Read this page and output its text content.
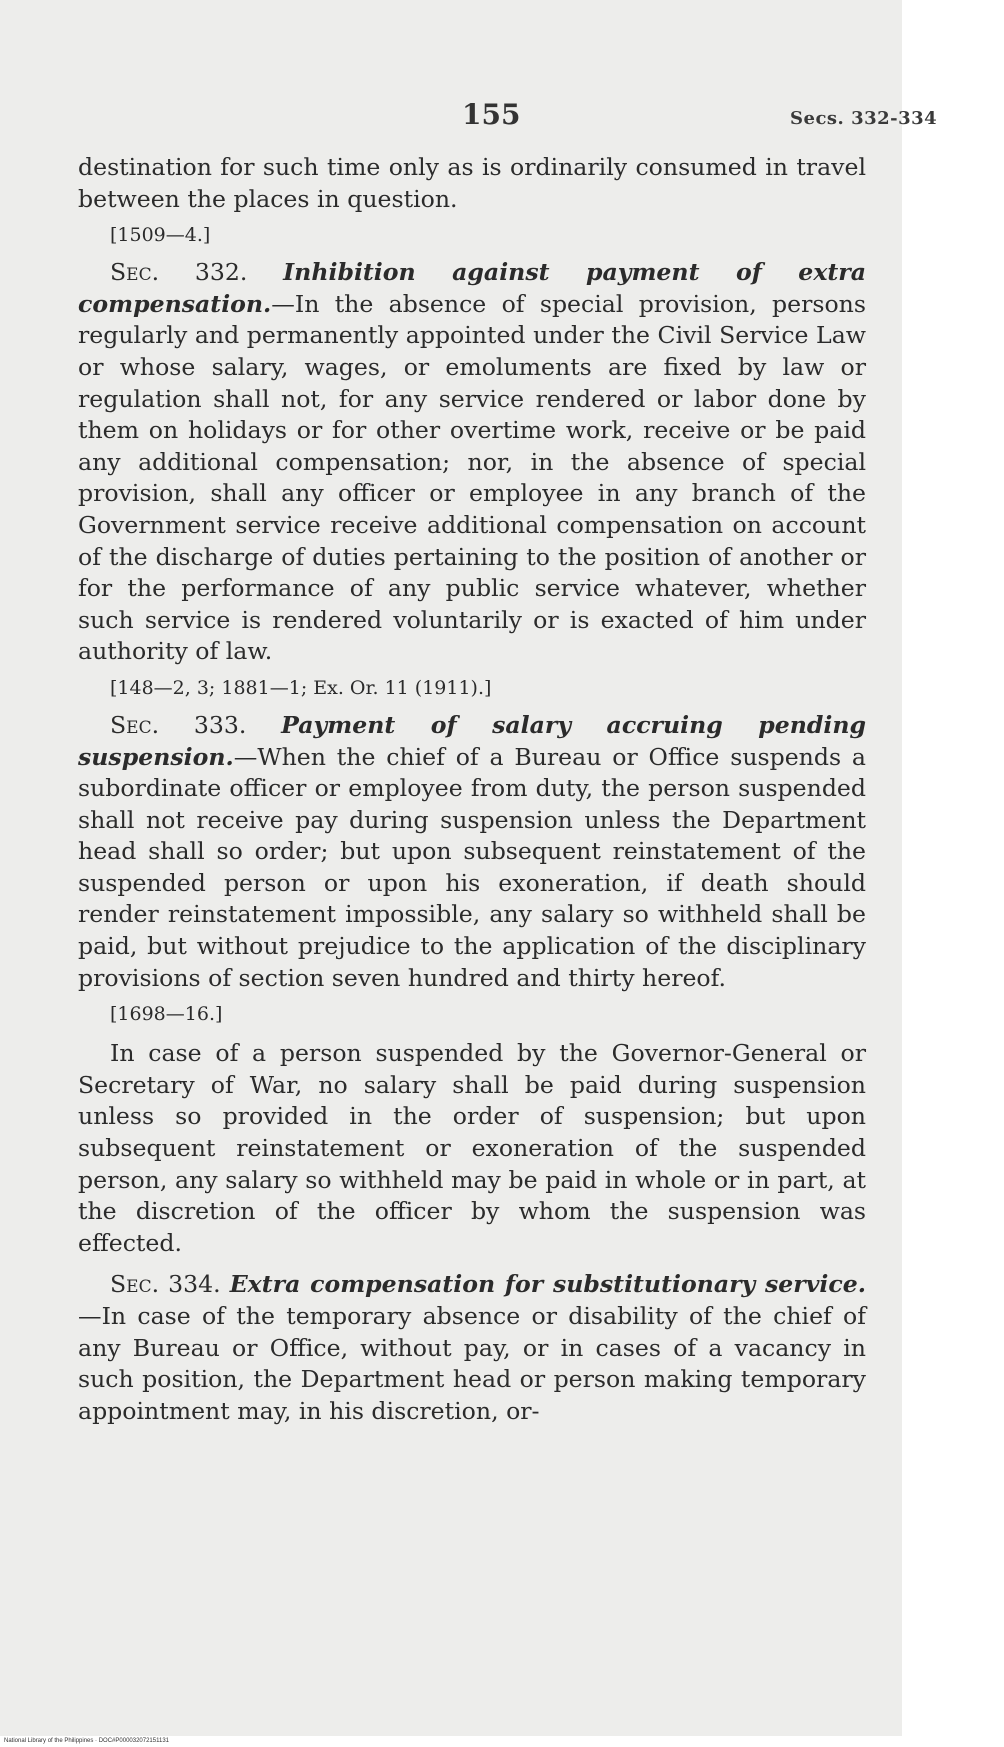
155	Secs. 332-334

destination for such time only as is ordinarily consumed in travel between the places in question.

[1509—4.]

Sec. 332. Inhibition against payment of extra compensation.—In the absence of special provision, persons regularly and permanently appointed under the Civil Service Law or whose salary, wages, or emoluments are fixed by law or regulation shall not, for any service rendered or labor done by them on holidays or for other overtime work, receive or be paid any additional compensation; nor, in the absence of special provision, shall any officer or employee in any branch of the Government service receive additional compensation on account of the discharge of duties pertaining to the position of another or for the performance of any public service whatever, whether such service is rendered voluntarily or is exacted of him under authority of law.

[148—2, 3; 1881—1; Ex. Or. 11 (1911).]

Sec. 333. Payment of salary accruing pending suspension.—When the chief of a Bureau or Office suspends a subordinate officer or employee from duty, the person suspended shall not receive pay during suspension unless the Department head shall so order; but upon subsequent reinstatement of the suspended person or upon his exoneration, if death should render reinstatement impossible, any salary so withheld shall be paid, but without prejudice to the application of the disciplinary provisions of section seven hundred and thirty hereof.

[1698—16.]

In case of a person suspended by the Governor-General or Secretary of War, no salary shall be paid during suspension unless so provided in the order of suspension; but upon subsequent reinstatement or exoneration of the suspended person, any salary so withheld may be paid in whole or in part, at the discretion of the officer by whom the suspension was effected.

Sec. 334. Extra compensation for substitutionary service.—In case of the temporary absence or disability of the chief of any Bureau or Office, without pay, or in cases of a vacancy in such position, the Department head or person making temporary appointment may, in his discretion, or-

National Library of the Philippines · DOC#P000032072151131
